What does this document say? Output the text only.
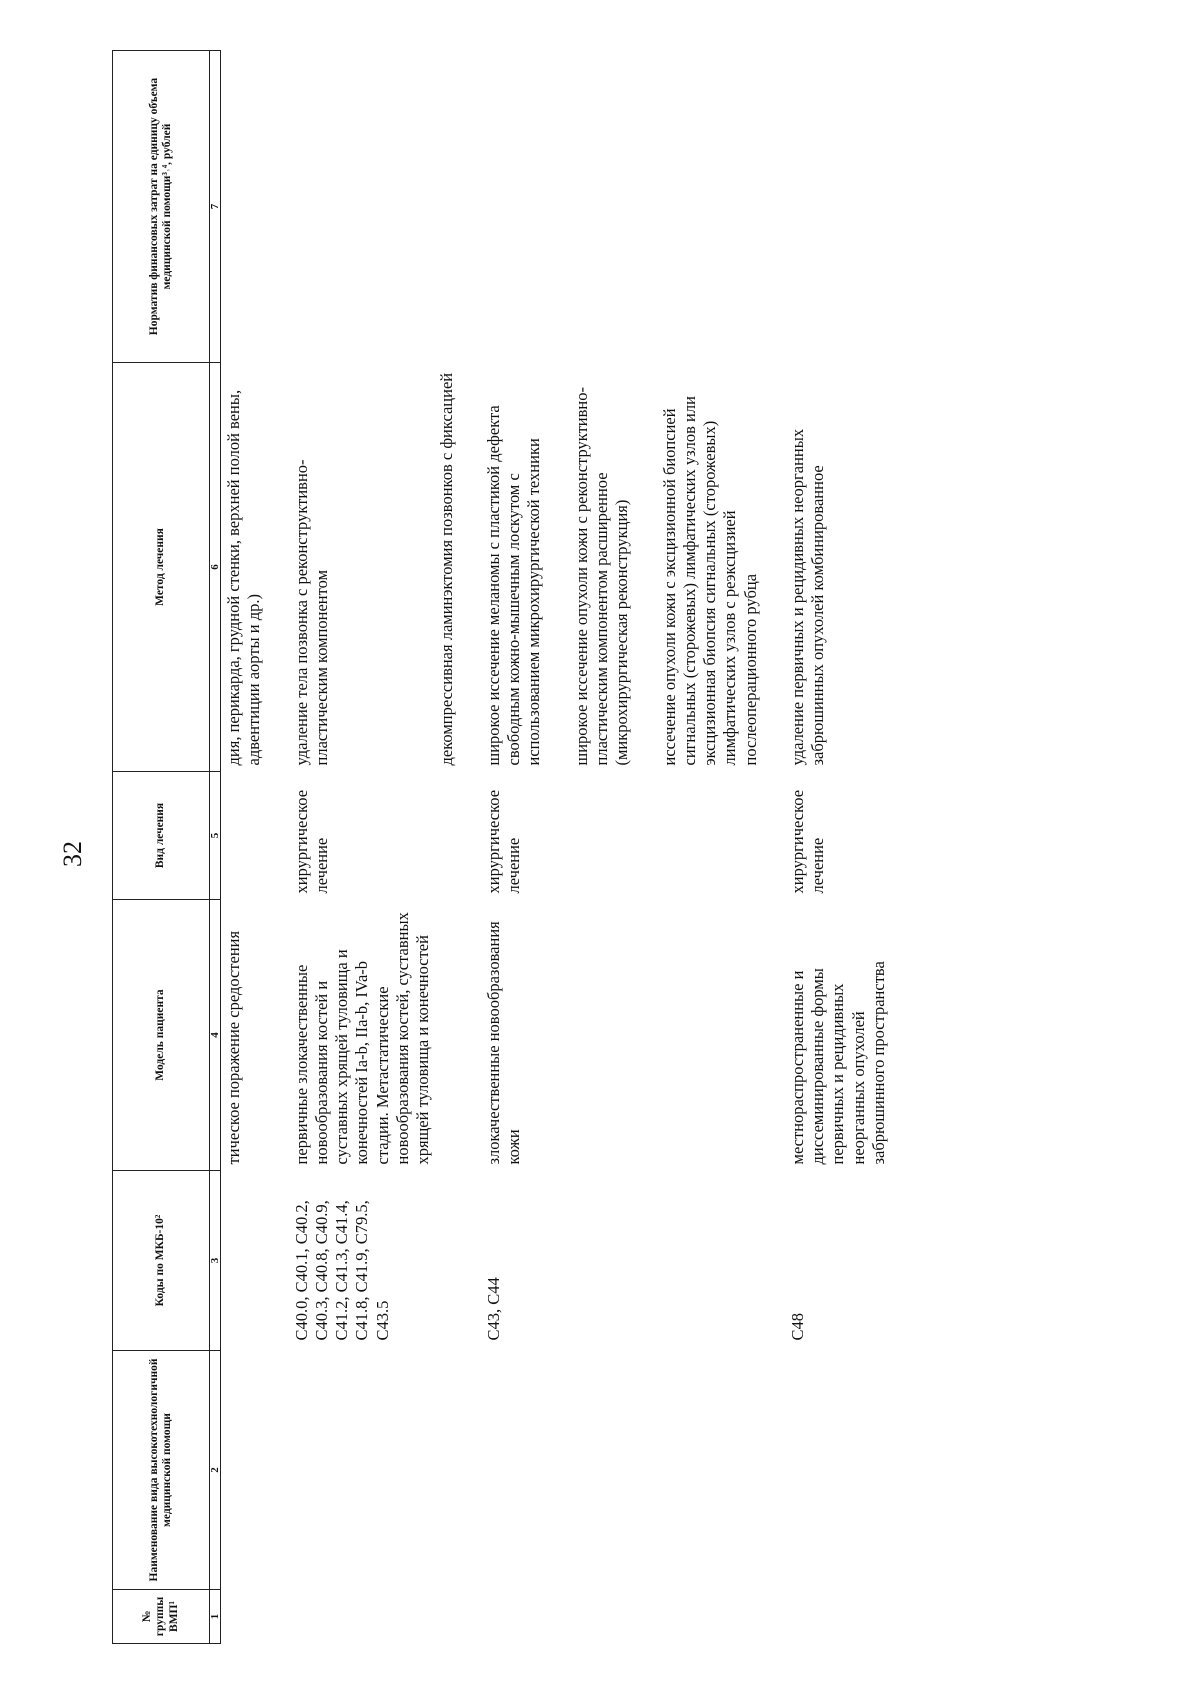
32
№ группы ВМП¹	Наименование вида высокотехнологичной медицинской помощи	Коды по МКБ-10²	Модель пациента	Вид лечения	Метод лечения	Норматив финансовых затрат на единицу объема медицинской помощи³˒⁴, рублей
1	2	3	4	5	6	7
			тическое поражение средостения		дия, перикарда, грудной стенки, верхней полой вены, адвентиции аорты и др.)	

		C40.0, C40.1, C40.2, C40.3, C40.8, C40.9, C41.2, C41.3, C41.4, C41.8, C41.9, C79.5, C43.5	первичные злокачественные новообразования костей и суставных хрящей туловища и конечностей Ia-b, IIa-b, IVa-b стадии. Метастатические новообразования костей, суставных хрящей туловища и конечностей	хирургическое лечение	удаление тела позвонка с реконструктивно-пластическим компонентом	
					декомпрессивная ламинэктомия позвонков с фиксацией	

		C43, C44	злокачественные новообразования кожи	хирургическое лечение	широкое иссечение меланомы с пластикой дефекта свободным кожно-мышечным лоскутом с использованием микрохирургической техники	

					широкое иссечение опухоли кожи с реконструктивно-пластическим компонентом расширенное (микрохирургическая реконструкция)	

					иссечение опухоли кожи с эксцизионной биопсией сигнальных (сторожевых) лимфатических узлов или эксцизионная биопсия сигнальных (сторожевых) лимфатических узлов с реэксцизией послеоперационного рубца	

		C48	местнораспространенные и диссеминированные формы первичных и рецидивных неорганных опухолей забрюшинного пространства	хирургическое лечение	удаление первичных и рецидивных неорганных забрюшинных опухолей комбинированное	
